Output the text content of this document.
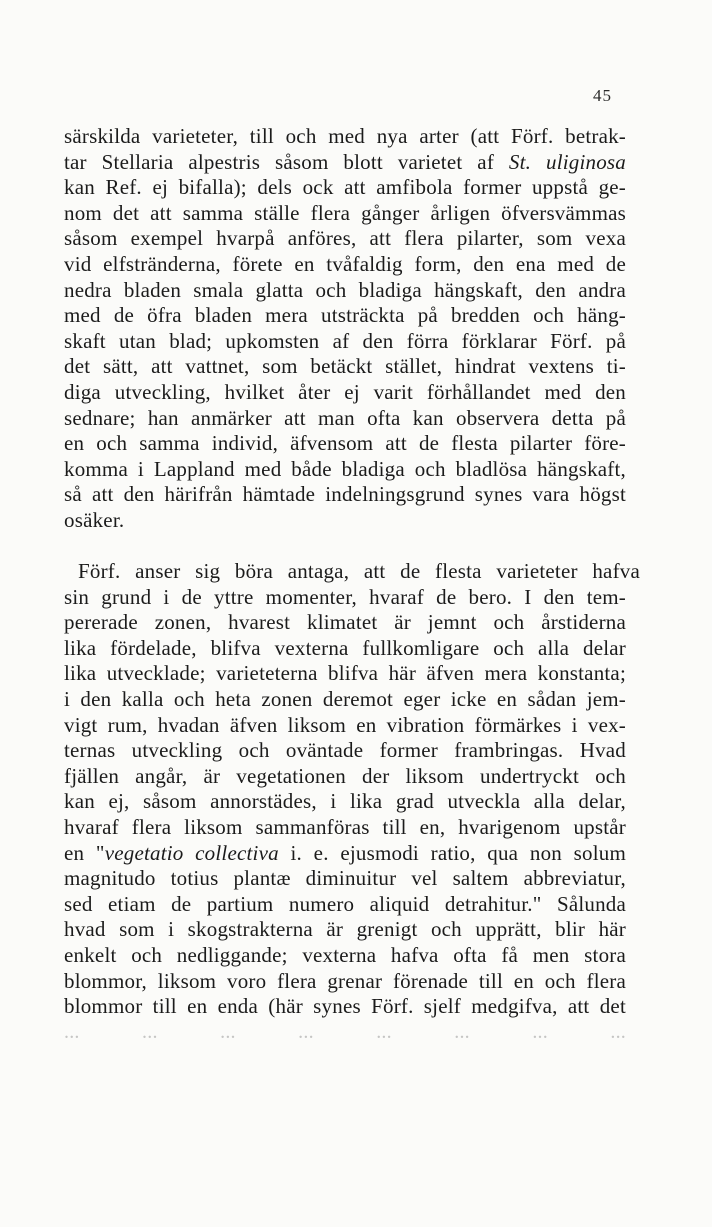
45
särskilda varieteter, till och med nya arter (att Förf. betrak-
tar Stellaria alpestris såsom blott varietet af St. uliginosa
kan Ref. ej bifalla); dels ock att amfibola former uppstå ge-
nom det att samma ställe flera gånger årligen öfversvämmas
såsom exempel hvarpå anföres, att flera pilarter, som vexa
vid elfstränderna, förete en tvåfaldig form, den ena med de
nedra bladen smala glatta och bladiga hängskaft, den andra
med de öfra bladen mera utsträckta på bredden och häng-
skaft utan blad; upkomsten af den förra förklarar Förf. på
det sätt, att vattnet, som betäckt stället, hindrat vextens ti-
diga utveckling, hvilket åter ej varit förhållandet med den
sednare; han anmärker att man ofta kan observera detta på
en och samma individ, äfvensom att de flesta pilarter före-
komma i Lappland med både bladiga och bladlösa hängskaft,
så att den härifrån hämtade indelningsgrund synes vara högst
osäker.
Förf. anser sig böra antaga, att de flesta varieteter hafva
sin grund i de yttre momenter, hvaraf de bero. I den tem-
pererade zonen, hvarest klimatet är jemnt och årstiderna
lika fördelade, blifva vexterna fullkomligare och alla delar
lika utvecklade; varieteterna blifva här äfven mera konstanta;
i den kalla och heta zonen deremot eger icke en sådan jem-
vigt rum, hvadan äfven liksom en vibration förmärkes i vex-
ternas utveckling och oväntade former frambringas. Hvad
fjällen angår, är vegetationen der liksom undertryckt och
kan ej, såsom annorstädes, i lika grad utveckla alla delar,
hvaraf flera liksom sammanföras till en, hvarigenom upstår
en "vegetatio collectiva i. e. ejusmodi ratio, qua non solum
magnitudo totius plantæ diminuitur vel saltem abbreviatur,
sed etiam de partium numero aliquid detrahitur." Sålunda
hvad som i skogstrakterna är grenigt och upprätt, blir här
enkelt och nedliggande; vexterna hafva ofta få men stora
blommor, liksom voro flera grenar förenade till en och flera
blommor till en enda (här synes Förf. sjelf medgifva, att det
... ... ... ... ... ... ... ...
